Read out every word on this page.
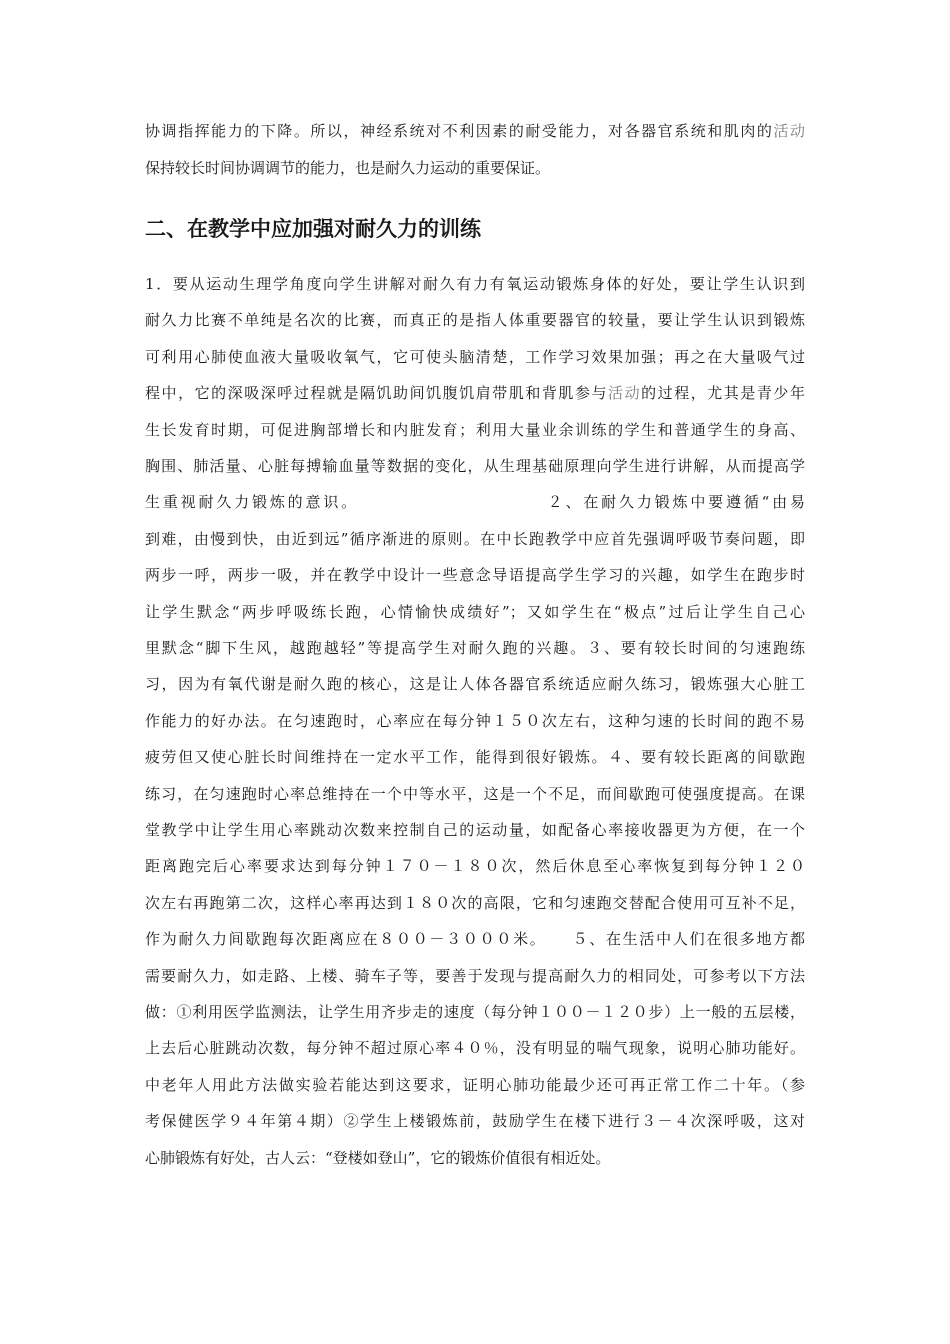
协调指挥能力的下降。所以，神经系统对不利因素的耐受能力，对各器官系统和肌肉的活动
保持较长时间协调调节的能力，也是耐久力运动的重要保证。
二、在教学中应加强对耐久力的训练
1．要从运动生理学角度向学生讲解对耐久有力有氧运动锻炼身体的好处，要让学生认识到
耐久力比赛不单纯是名次的比赛，而真正的是指人体重要器官的较量，要让学生认识到锻炼
可利用心肺使血液大量吸收氧气，它可使头脑清楚，工作学习效果加强；再之在大量吸气过
程中，它的深吸深呼过程就是隔饥助间饥腹饥肩带肌和背肌参与活动的过程，尤其是青少年
生长发育时期，可促进胸部增长和内脏发育；利用大量业余训练的学生和普通学生的身高、
胸围、肺活量、心脏每搏输血量等数据的变化，从生理基础原理向学生进行讲解，从而提高学
生重视耐久力锻炼的意识。　　　　　　　　　　　２、在耐久力锻炼中要遵循“由易
到难，由慢到快，由近到远”循序渐进的原则。在中长跑教学中应首先强调呼吸节奏问题，即
两步一呼，两步一吸，并在教学中设计一些意念导语提高学生学习的兴趣，如学生在跑步时
让学生默念“两步呼吸练长跑，心情愉快成绩好”；又如学生在“极点”过后让学生自己心
里默念“脚下生风，越跑越轻”等提高学生对耐久跑的兴趣。３、要有较长时间的匀速跑练
习，因为有氧代谢是耐久跑的核心，这是让人体各器官系统适应耐久练习，锻炼强大心脏工
作能力的好办法。在匀速跑时，心率应在每分钟１５０次左右，这种匀速的长时间的跑不易
疲劳但又使心脏长时间维持在一定水平工作，能得到很好锻炼。４、要有较长距离的间歇跑
练习，在匀速跑时心率总维持在一个中等水平，这是一个不足，而间歇跑可使强度提高。在课
堂教学中让学生用心率跳动次数来控制自己的运动量，如配备心率接收器更为方便，在一个
距离跑完后心率要求达到每分钟１７０－１８０次，然后休息至心率恢复到每分钟１２０
次左右再跑第二次，这样心率再达到１８０次的高限，它和匀速跑交替配合使用可互补不足，
作为耐久力间歇跑每次距离应在８００－３０００米。　　５、在生活中人们在很多地方都
需要耐久力，如走路、上楼、骑车子等，要善于发现与提高耐久力的相同处，可参考以下方法
做：①利用医学监测法，让学生用齐步走的速度（每分钟１００－１２０步）上一般的五层楼，
上去后心脏跳动次数，每分钟不超过原心率４０％，没有明显的喘气现象，说明心肺功能好。
中老年人用此方法做实验若能达到这要求，证明心肺功能最少还可再正常工作二十年。（参
考保健医学９４年第４期）②学生上楼锻炼前，鼓励学生在楼下进行３－４次深呼吸，这对
心肺锻炼有好处，古人云：“登楼如登山”，它的锻炼价值很有相近处。
